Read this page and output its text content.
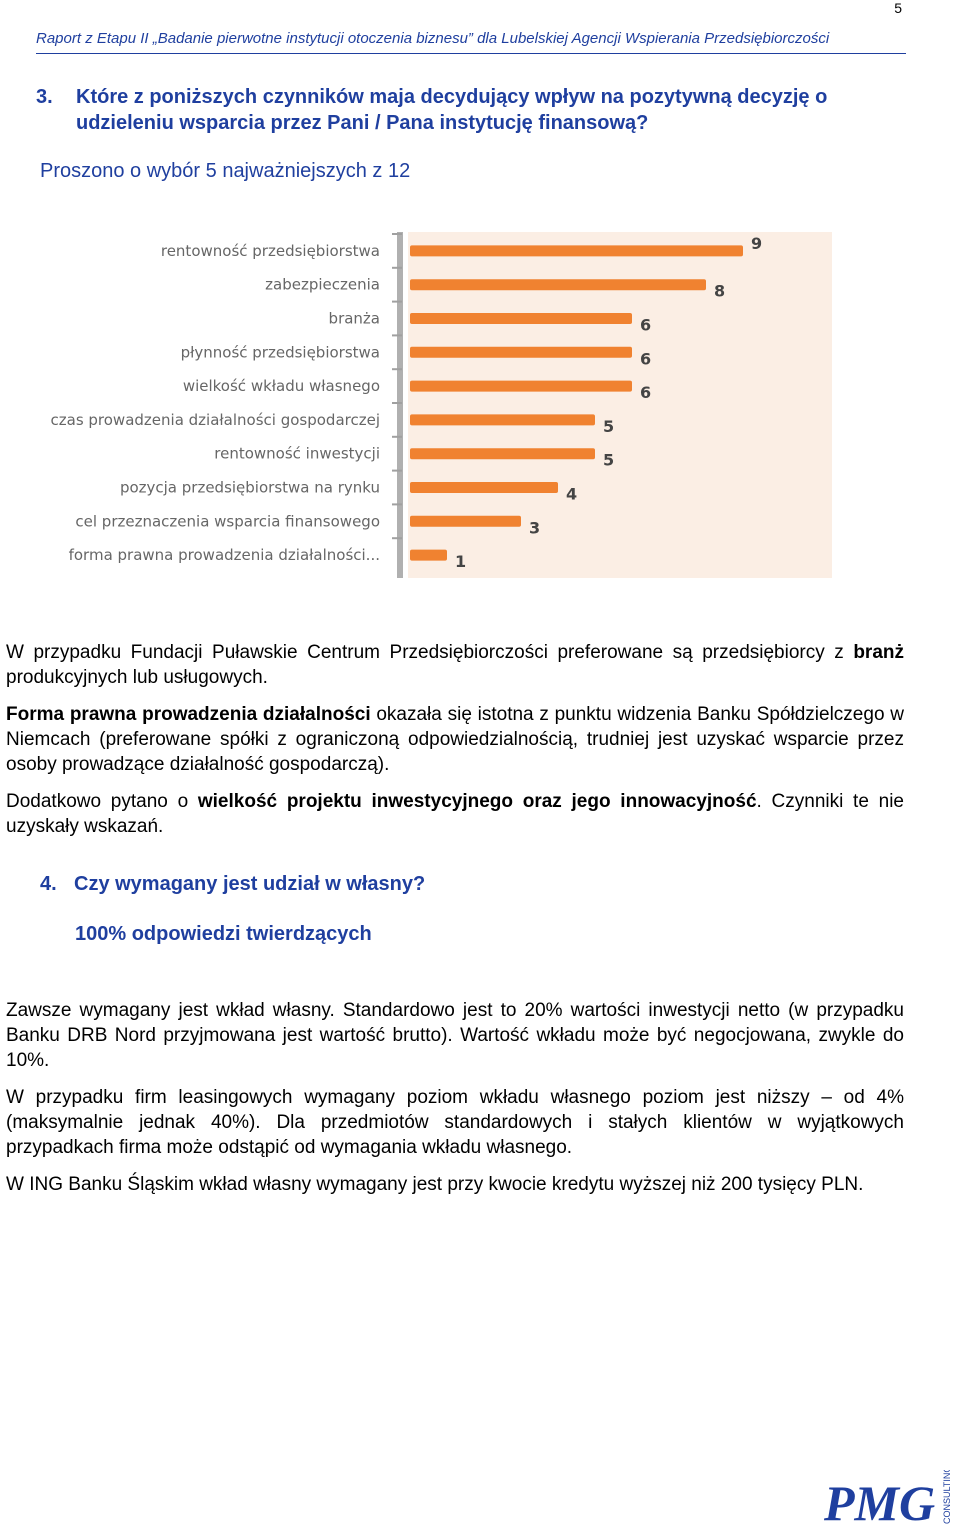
5
Raport z Etapu II „Badanie pierwotne instytucji otoczenia biznesu” dla Lubelskiej Agencji Wspierania Przedsiębiorczości
3. Które z poniższych czynników maja decydujący wpływ na pozytywną decyzję o
udzieleniu wsparcia przez Pani / Pana instytucję finansową?
Proszono o wybór 5 najważniejszych z 12
rentowność przedsiębiorstwa	9
zabezpieczenia	8
branża	6
płynność przedsiębiorstwa	6
wielkość wkładu własnego	6
czas prowadzenia działalności gospodarczej	5
rentowność inwestycji	5
pozycja przedsiębiorstwa na rynku	4
cel przeznaczenia wsparcia finansowego	3
forma prawna prowadzenia działalności...	1
W przypadku Fundacji Puławskie Centrum Przedsiębiorczości preferowane są przedsiębiorcy z branż produkcyjnych lub usługowych.
Forma prawna prowadzenia działalności okazała się istotna z punktu widzenia Banku Spółdzielczego w Niemcach (preferowane spółki z ograniczoną odpowiedzialnością, trudniej jest uzyskać wsparcie przez osoby prowadzące działalność gospodarczą).
Dodatkowo pytano o wielkość projektu inwestycyjnego oraz jego innowacyjność. Czynniki te nie uzyskały wskazań.
4. Czy wymagany jest udział w własny?
100% odpowiedzi twierdzących
Zawsze wymagany jest wkład własny. Standardowo jest to 20% wartości inwestycji netto (w przypadku Banku DRB Nord przyjmowana jest wartość brutto). Wartość wkładu może być negocjowana, zwykle do 10%.
W przypadku firm leasingowych wymagany poziom wkładu własnego poziom jest niższy – od 4% (maksymalnie jednak 40%). Dla przedmiotów standardowych i stałych klientów w wyjątkowych przypadkach firma może odstąpić od wymagania wkładu własnego.
W ING Banku Śląskim wkład własny wymagany jest przy kwocie kredytu wyższej niż 200 tysięcy PLN.
PMG CONSULTING
